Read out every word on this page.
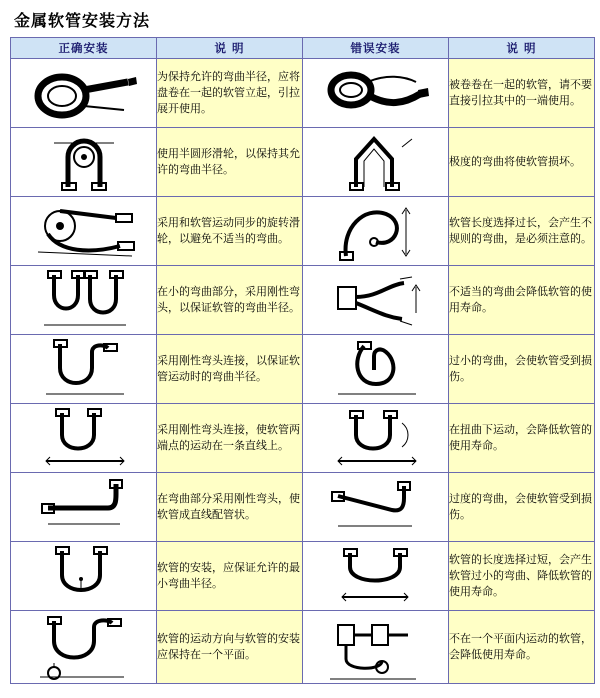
金属软管安装方法
正确安装	说 明	错误安装	说 明

	为保持允许的弯曲半径，应将盘卷在一起的软管立起，引拉展开使用。		被卷卷在一起的软管，请不要直接引拉其中的一端使用。

	使用半圆形滑轮，以保持其允许的弯曲半径。		极度的弯曲将使软管损坏。

	采用和软管运动同步的旋转滑轮，以避免不适当的弯曲。		软管长度选择过长，会产生不规则的弯曲，是必须注意的。

	在小的弯曲部分，采用刚性弯头，以保证软管的弯曲半径。		不适当的弯曲会降低软管的使用寿命。

	采用刚性弯头连接，以保证软管运动时的弯曲半径。		过小的弯曲，会使软管受到损伤。

	采用刚性弯头连接，使软管两端点的运动在一条直线上。		在扭曲下运动，会降低软管的使用寿命。

	在弯曲部分采用刚性弯头，使软管成直线配管状。		过度的弯曲，会使软管受到损伤。

	软管的安装，应保证允许的最小弯曲半径。		软管的长度选择过短，会产生软管过小的弯曲、降低软管的使用寿命。

	软管的运动方向与软管的安装应保持在一个平面。		不在一个平面内运动的软管，会降低使用寿命。
